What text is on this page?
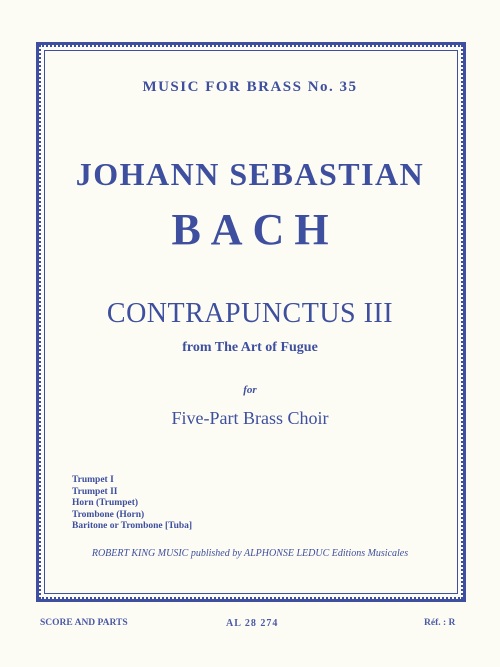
MUSIC FOR BRASS No. 35
JOHANN SEBASTIAN
BACH
CONTRAPUNCTUS III
from The Art of Fugue
for
Five-Part Brass Choir
Trumpet I
Trumpet II
Horn (Trumpet)
Trombone (Horn)
Baritone or Trombone [Tuba]
ROBERT KING MUSIC published by ALPHONSE LEDUC Editions Musicales
SCORE AND PARTS	AL 28 274	Réf. : R
